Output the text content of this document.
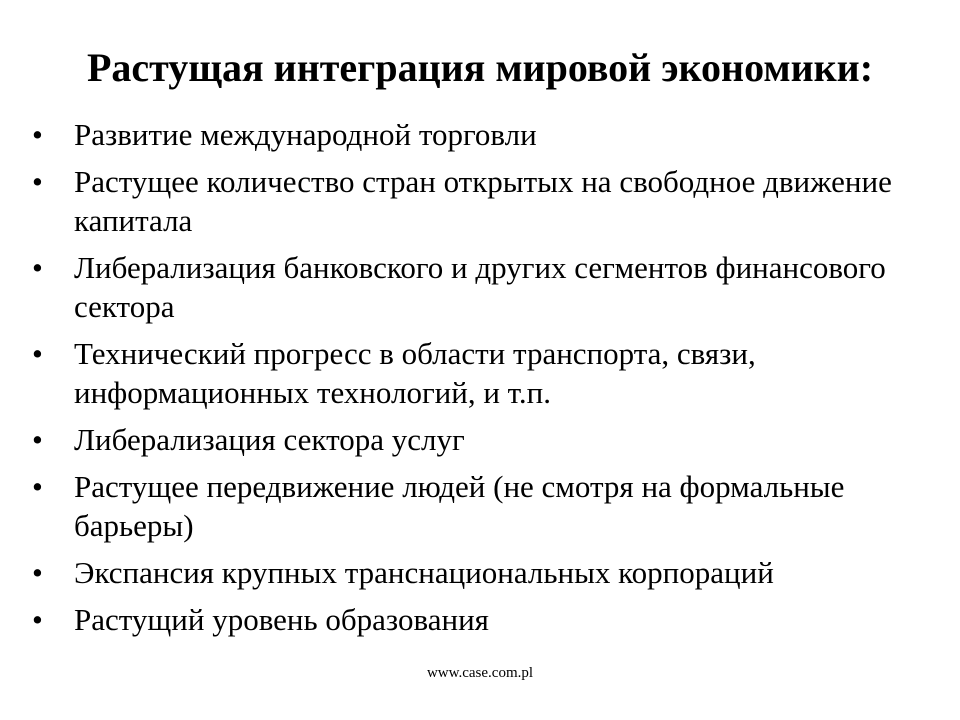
Растущая интеграция мировой экономики:
• Развитие международной торговли
• Растущее количество стран открытых на свободное движение капитала
• Либерализация банковского и других сегментов финансового сектора
• Технический прогресс в области транспорта, связи, информационных технологий, и т.п.
• Либерализация сектора услуг
• Растущее передвижение людей (не смотря на формальные барьеры)
• Экспансия крупных транснациональных корпораций
• Растущий уровень образования
www.case.com.pl
